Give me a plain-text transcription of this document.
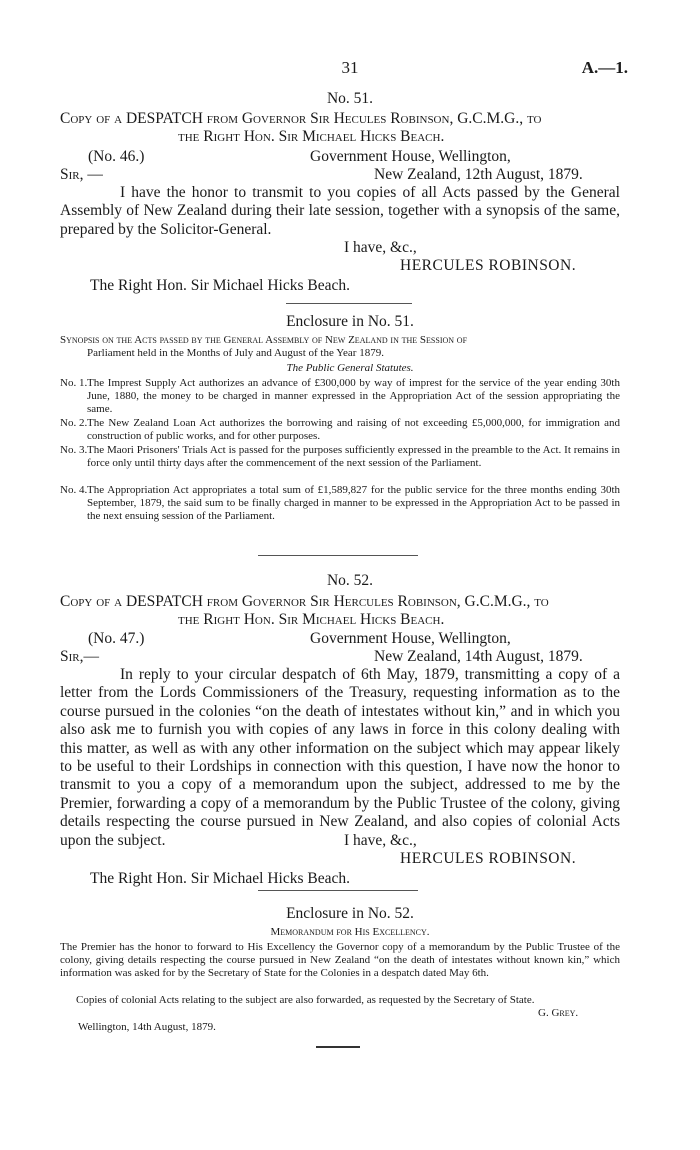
31	A.—1.
No. 51.
Copy of a DESPATCH from Governor Sir Hecules Robinson, G.C.M.G., to
the Right Hon. Sir Michael Hicks Beach.
(No. 46.)	Government House, Wellington,
Sir, —	New Zealand, 12th August, 1879.
I have the honor to transmit to you copies of all Acts passed by the General Assembly of New Zealand during their late session, together with a synopsis of the same, prepared by the Solicitor-General.
I have, &c.,
HERCULES ROBINSON.
The Right Hon. Sir Michael Hicks Beach.
Enclosure in No. 51.
Synopsis on the Acts passed by the General Assembly of New Zealand in the Session of
Parliament held in the Months of July and August of the Year 1879.
The Public General Statutes.
No. 1. The Imprest Supply Act authorizes an advance of £300,000 by way of imprest for the service of the year ending 30th June, 1880, the money to be charged in manner expressed in the Appropriation Act of the session appropriating the same.
No. 2. The New Zealand Loan Act authorizes the borrowing and raising of not exceeding £5,000,000, for immigration and construction of public works, and for other purposes.
No. 3. The Maori Prisoners' Trials Act is passed for the purposes sufficiently expressed in the preamble to the Act. It remains in force only until thirty days after the commencement of the next session of the Parliament.
No. 4. The Appropriation Act appropriates a total sum of £1,589,827 for the public service for the three months ending 30th September, 1879, the said sum to be finally charged in manner to be expressed in the Appropriation Act to be passed in the next ensuing session of the Parliament.
No. 52.
Copy of a DESPATCH from Governor Sir Hercules Robinson, G.C.M.G., to
the Right Hon. Sir Michael Hicks Beach.
(No. 47.)	Government House, Wellington,
Sir,—	New Zealand, 14th August, 1879.
In reply to your circular despatch of 6th May, 1879, transmitting a copy of a letter from the Lords Commissioners of the Treasury, requesting information as to the course pursued in the colonies “on the death of intestates without kin,” and in which you also ask me to furnish you with copies of any laws in force in this colony dealing with this matter, as well as with any other information on the subject which may appear likely to be useful to their Lordships in connection with this question, I have now the honor to transmit to you a copy of a memorandum upon the subject, addressed to me by the Premier, forwarding a copy of a memorandum by the Public Trustee of the colony, giving details respecting the course pursued in New Zealand, and also copies of colonial Acts upon the subject.	I have, &c.,
HERCULES ROBINSON.
The Right Hon. Sir Michael Hicks Beach.
Enclosure in No. 52.
Memorandum for His Excellency.
The Premier has the honor to forward to His Excellency the Governor copy of a memorandum by the Public Trustee of the colony, giving details respecting the course pursued in New Zealand “on the death of intestates without known kin,” which information was asked for by the Secretary of State for the Colonies in a despatch dated May 6th.
Copies of colonial Acts relating to the subject are also forwarded, as requested by the Secretary of State.
G. Grey.
Wellington, 14th August, 1879.
